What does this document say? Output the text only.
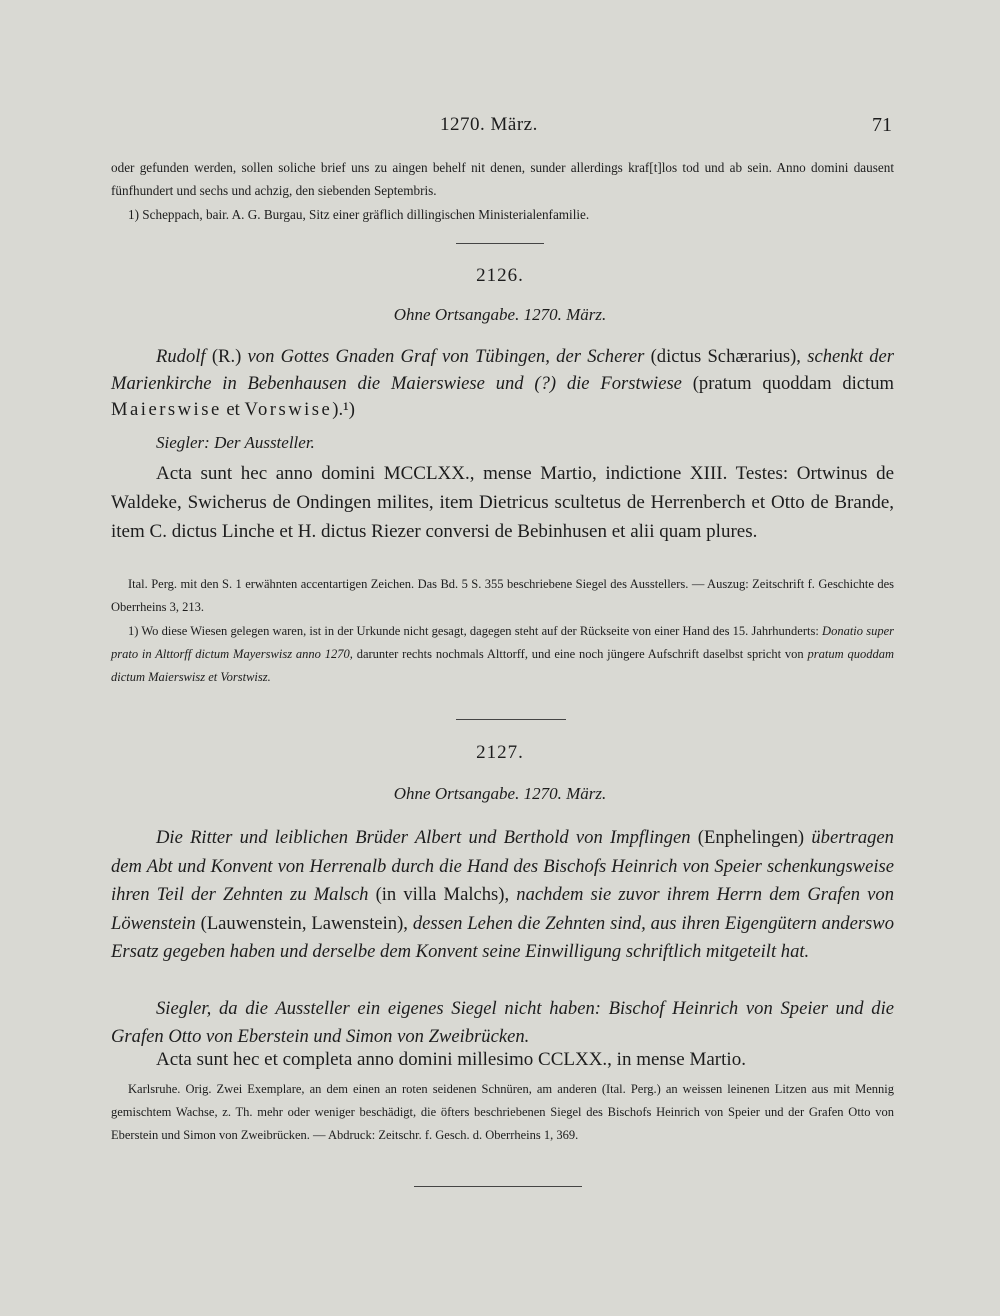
1270. März.	71

oder gefunden werden, sollen soliche brief uns zu aingen behelf nit denen, sunder allerdings kraf[t]los tod und ab sein. Anno domini dausent fünfhundert und sechs und achzig, den siebenden Septembris.

1) Scheppach, bair. A. G. Burgau, Sitz einer gräflich dillingischen Ministerialenfamilie.

2126.
Ohne Ortsangabe. 1270. März.

Rudolf (R.) von Gottes Gnaden Graf von Tübingen, der Scherer (dictus Schærarius), schenkt der Marienkirche in Bebenhausen die Maierswiese und (?) die Forstwiese (pratum quoddam dictum Maierswise et Vorswise).¹)

Siegler: Der Aussteller.

Acta sunt hec anno domini MCCLXX., mense Martio, indictione XIII. Testes: Ortwinus de Waldeke, Swicherus de Ondingen milites, item Dietricus scultetus de Herrenberch et Otto de Brande, item C. dictus Linche et H. dictus Riezer conversi de Bebinhusen et alii quam plures.

Ital. Perg. mit den S. 1 erwähnten accentartigen Zeichen. Das Bd. 5 S. 355 beschriebene Siegel des Ausstellers. — Auszug: Zeitschrift f. Geschichte des Oberrheins 3, 213.

1) Wo diese Wiesen gelegen waren, ist in der Urkunde nicht gesagt, dagegen steht auf der Rückseite von einer Hand des 15. Jahrhunderts: Donatio super prato in Alttorff dictum Mayerswisz anno 1270, darunter rechts nochmals Alttorff, und eine noch jüngere Aufschrift daselbst spricht von pratum quoddam dictum Maierswisz et Vorstwisz.

2127.
Ohne Ortsangabe. 1270. März.

Die Ritter und leiblichen Brüder Albert und Berthold von Impflingen (Enphelingen) übertragen dem Abt und Konvent von Herrenalb durch die Hand des Bischofs Heinrich von Speier schenkungsweise ihren Teil der Zehnten zu Malsch (in villa Malchs), nachdem sie zuvor ihrem Herrn dem Grafen von Löwenstein (Lauwenstein, Lawenstein), dessen Lehen die Zehnten sind, aus ihren Eigengütern anderswo Ersatz gegeben haben und derselbe dem Konvent seine Einwilligung schriftlich mitgeteilt hat.

Siegler, da die Aussteller ein eigenes Siegel nicht haben: Bischof Heinrich von Speier und die Grafen Otto von Eberstein und Simon von Zweibrücken.

Acta sunt hec et completa anno domini millesimo CCLXX., in mense Martio.

Karlsruhe. Orig. Zwei Exemplare, an dem einen an roten seidenen Schnüren, am anderen (Ital. Perg.) an weissen leinenen Litzen aus mit Mennig gemischtem Wachse, z. Th. mehr oder weniger beschädigt, die öfters beschriebenen Siegel des Bischofs Heinrich von Speier und der Grafen Otto von Eberstein und Simon von Zweibrücken. — Abdruck: Zeitschr. f. Gesch. d. Oberrheins 1, 369.
